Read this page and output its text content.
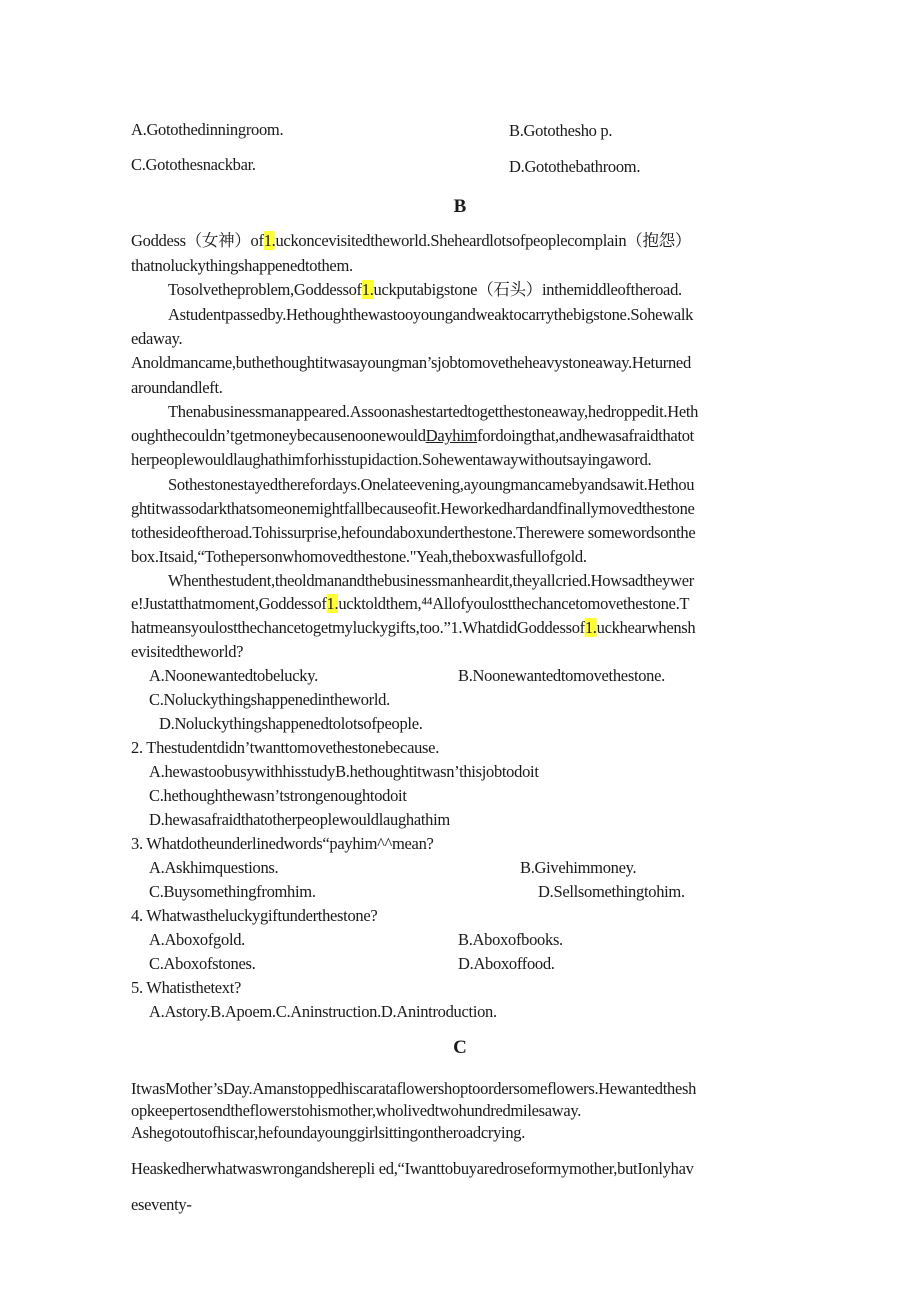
A.Gotothedinningroom.	B.Gotothesho p.
C.Gotothesnackbar.	D.Gotothebathroom.
B
Goddess（女神）of1.uckoncevisitedtheworld.Sheheardlotsofpeoplecomplain（抱怨）
thatnoluckythingshappenedtothem.
Tosolvetheproblem,Goddessof1.uckputabigstone（石头）inthemiddleoftheroad.
Astudentpassedby.Hethoughthewastooyoungandweaktocarrythebigstone.Sohewalk
edaway.
Anoldmancame,buthethoughtitwasayoungman’sjobtomovetheheavystoneaway.Heturned
aroundandleft.
Thenabusinessmanappeared.Assoonashestartedtogetthestoneaway,hedroppedit.Heth
oughthecouldn’tgetmoneybecausenoonewouldDayhimfordoingthat,andhewasafraidthatot
herpeoplewouldlaughathimforhisstupidaction.Sohewentawaywithoutsayingaword.
Sothestonestayedtherefordays.Onelateevening,ayoungmancamebyandsawit.Hethou
ghtitwassodarkthatsomeonemightfallbecauseofit.Heworkedhardandfinallymovedthestone
tothesideoftheroad.Tohissurprise,hefoundaboxunderthestone.Therewere somewordsonthe
box.Itsaid,“Tothepersonwhomovedthestone."Yeah,theboxwasfullofgold.
Whenthestudent,theoldmanandthebusinessmanheardit,theyallcried.Howsadtheywer
e!Justatthatmoment,Goddessof1.ucktoldthem,⁴⁴Allofyoulostthechancetomovethestone.T
hatmeansyoulostthechancetogetmyluckygifts,too.”1.WhatdidGoddessof1.uckhearwhensh
evisitedtheworld?
A.Noonewantedtobelucky.	B.Noonewantedtomovethestone.
C.Noluckythingshappenedintheworld.
D.Noluckythingshappenedtolotsofpeople.
2. Thestudentdidn’twanttomovethestonebecause.
A.hewastoobusywithhisstudyB.hethoughtitwasn’thisjobtodoit
C.hethoughthewasn’tstrongenoughtodoit
D.hewasafraidthatotherpeoplewouldlaughathim
3. Whatdotheunderlinedwords“payhim^^mean?
A.Askhimquestions.	B.Givehimmoney.
C.Buysomethingfromhim.	D.Sellsomethingtohim.
4. Whatwastheluckygiftunderthestone?
A.Aboxofgold.	B.Aboxofbooks.
C.Aboxofstones.	D.Aboxoffood.
5. Whatisthetext?
A.Astory.B.Apoem.C.Aninstruction.D.Anintroduction.
C
ItwasMother’sDay.Amanstoppedhiscarataflowershoptoordersomeflowers.Hewantedthesh
opkeepertosendtheflowerstohismother,wholivedtwohundredmilesaway.
Ashegotoutofhiscar,hefoundayounggirlsittingontheroadcrying.
Heaskedherwhatwaswrongandsherepli ed,“Iwanttobuyaredroseformymother,butIonlyhav
eseventy-
